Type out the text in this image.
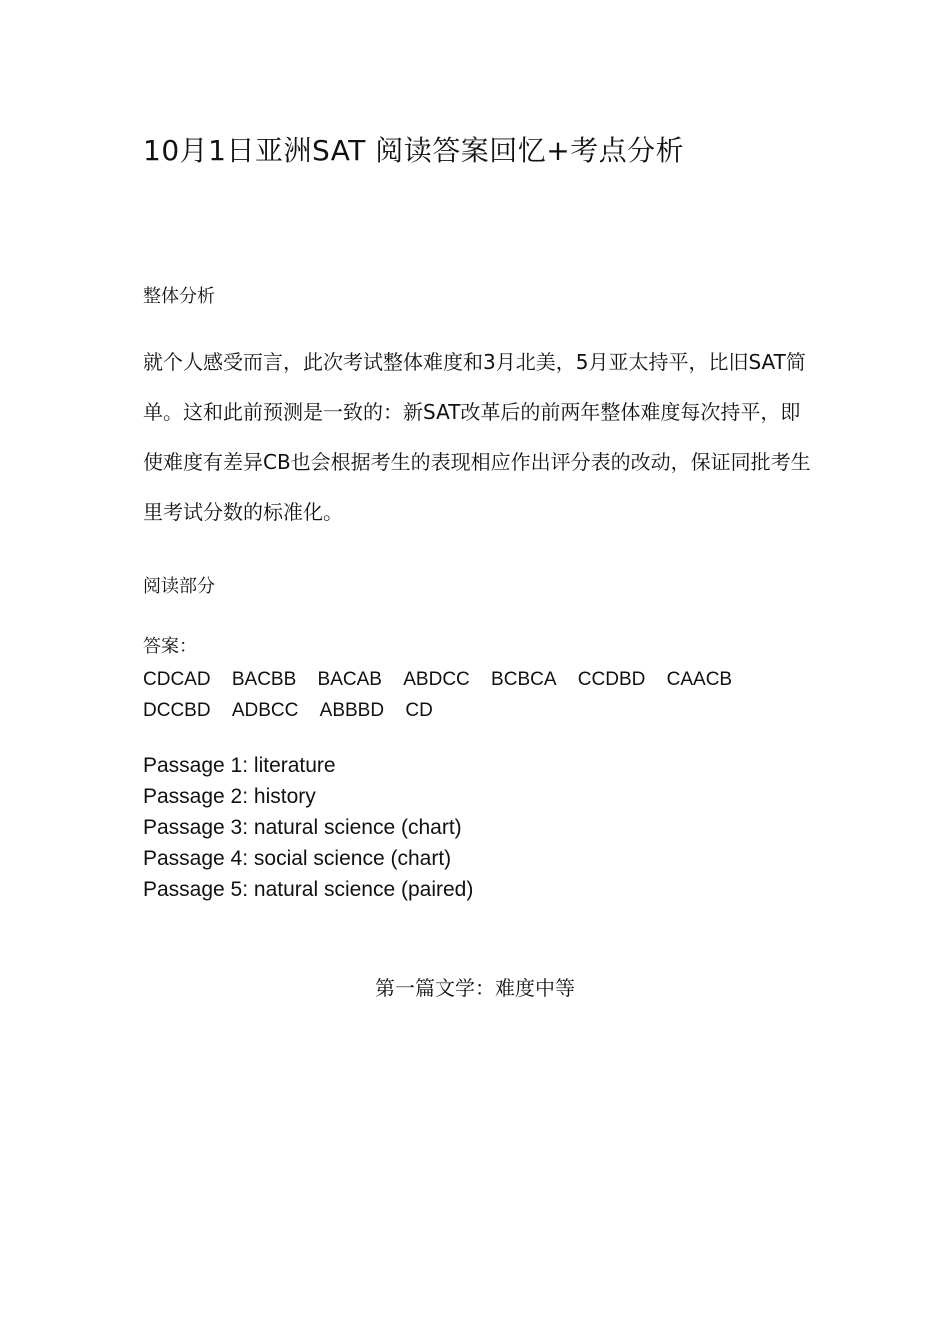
10月1日亚洲SAT 阅读答案回忆+考点分析
整体分析

就个人感受而言，此次考试整体难度和3月北美，5月亚太持平，比旧SAT简单。这和此前预测是一致的：新SAT改革后的前两年整体难度每次持平，即使难度有差异CB也会根据考生的表现相应作出评分表的改动，保证同批考生里考试分数的标准化。

阅读部分
答案：
CDCAD BACBB BACAB ABDCC BCBCA CCDBD CAACB DCCBD ADBCC ABBBD CD
Passage 1: literature
Passage 2: history
Passage 3: natural science (chart)
Passage 4: social science (chart)
Passage 5: natural science (paired)
第一篇文学：难度中等
